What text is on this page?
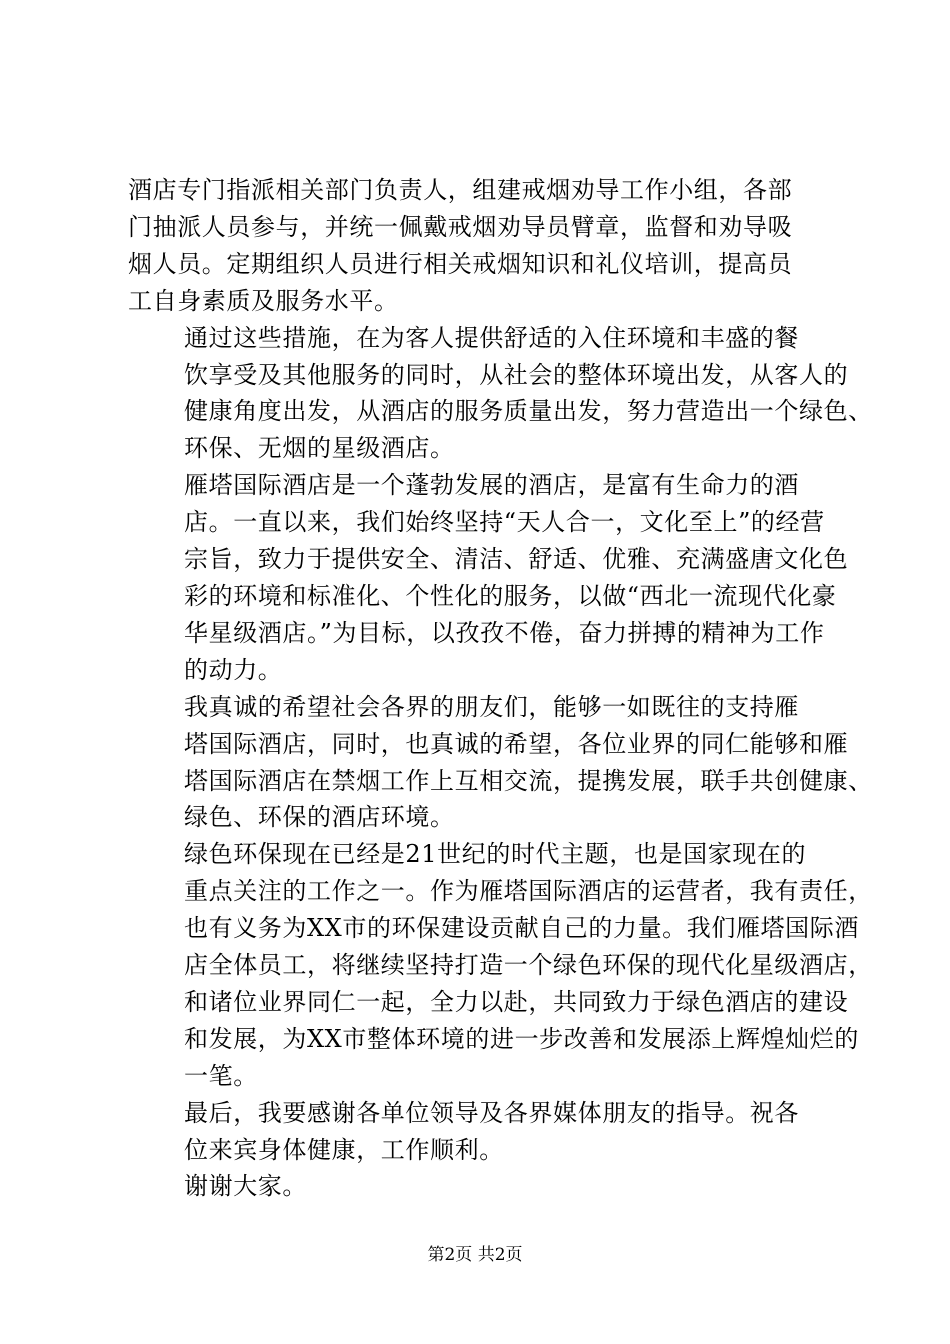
酒店专门指派相关部门负责人，组建戒烟劝导工作小组，各部
门抽派人员参与，并统一佩戴戒烟劝导员臂章，监督和劝导吸
烟人员。定期组织人员进行相关戒烟知识和礼仪培训，提高员
工自身素质及服务水平。

通过这些措施，在为客人提供舒适的入住环境和丰盛的餐
饮享受及其他服务的同时，从社会的整体环境出发，从客人的
健康角度出发，从酒店的服务质量出发，努力营造出一个绿色、
环保、无烟的星级酒店。

雁塔国际酒店是一个蓬勃发展的酒店，是富有生命力的酒
店。一直以来，我们始终坚持“天人合一，文化至上”的经营
宗旨，致力于提供安全、清洁、舒适、优雅、充满盛唐文化色
彩的环境和标准化、个性化的服务，以做“西北一流现代化豪
华星级酒店。”为目标，以孜孜不倦，奋力拼搏的精神为工作
的动力。

我真诚的希望社会各界的朋友们，能够一如既往的支持雁
塔国际酒店，同时，也真诚的希望，各位业界的同仁能够和雁
塔国际酒店在禁烟工作上互相交流，提携发展，联手共创健康、
绿色、环保的酒店环境。

绿色环保现在已经是21世纪的时代主题，也是国家现在的
重点关注的工作之一。作为雁塔国际酒店的运营者，我有责任，
也有义务为XX市的环保建设贡献自己的力量。我们雁塔国际酒
店全体员工，将继续坚持打造一个绿色环保的现代化星级酒店，
和诸位业界同仁一起，全力以赴，共同致力于绿色酒店的建设
和发展，为XX市整体环境的进一步改善和发展添上辉煌灿烂的
一笔。

最后，我要感谢各单位领导及各界媒体朋友的指导。祝各
位来宾身体健康，工作顺利。

谢谢大家。

第2页 共2页
